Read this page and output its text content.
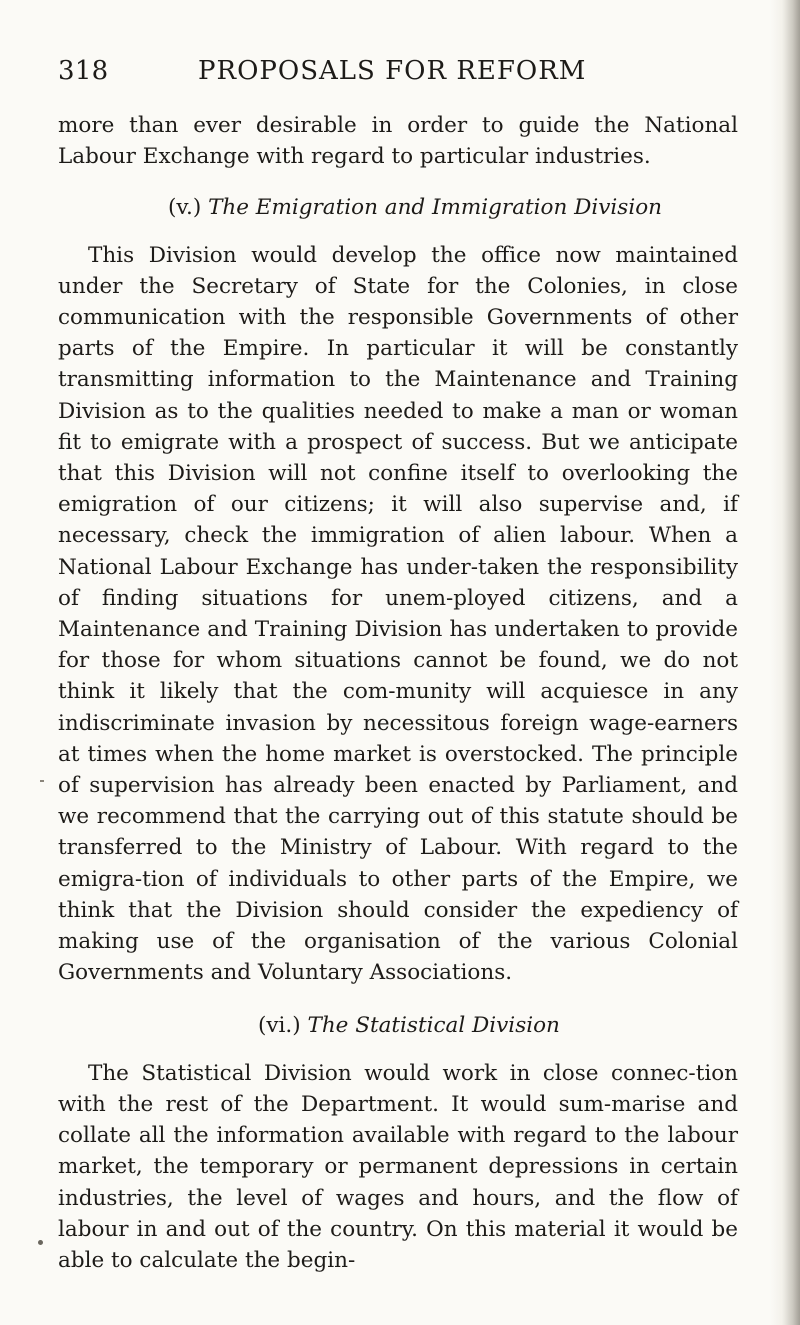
318	PROPOSALS FOR REFORM

more than ever desirable in order to guide the National Labour Exchange with regard to particular industries.

(v.) The Emigration and Immigration Division

This Division would develop the office now maintained under the Secretary of State for the Colonies, in close communication with the responsible Governments of other parts of the Empire. In particular it will be constantly transmitting information to the Maintenance and Training Division as to the qualities needed to make a man or woman fit to emigrate with a prospect of success. But we anticipate that this Division will not confine itself to overlooking the emigration of our citizens; it will also supervise and, if necessary, check the immigration of alien labour. When a National Labour Exchange has under-taken the responsibility of finding situations for unem-ployed citizens, and a Maintenance and Training Division has undertaken to provide for those for whom situations cannot be found, we do not think it likely that the com-munity will acquiesce in any indiscriminate invasion by necessitous foreign wage-earners at times when the home market is overstocked. The principle of supervision has already been enacted by Parliament, and we recommend that the carrying out of this statute should be transferred to the Ministry of Labour. With regard to the emigra-tion of individuals to other parts of the Empire, we think that the Division should consider the expediency of making use of the organisation of the various Colonial Governments and Voluntary Associations.

(vi.) The Statistical Division

The Statistical Division would work in close connec-tion with the rest of the Department. It would sum-marise and collate all the information available with regard to the labour market, the temporary or permanent depressions in certain industries, the level of wages and hours, and the flow of labour in and out of the country. On this material it would be able to calculate the begin-
